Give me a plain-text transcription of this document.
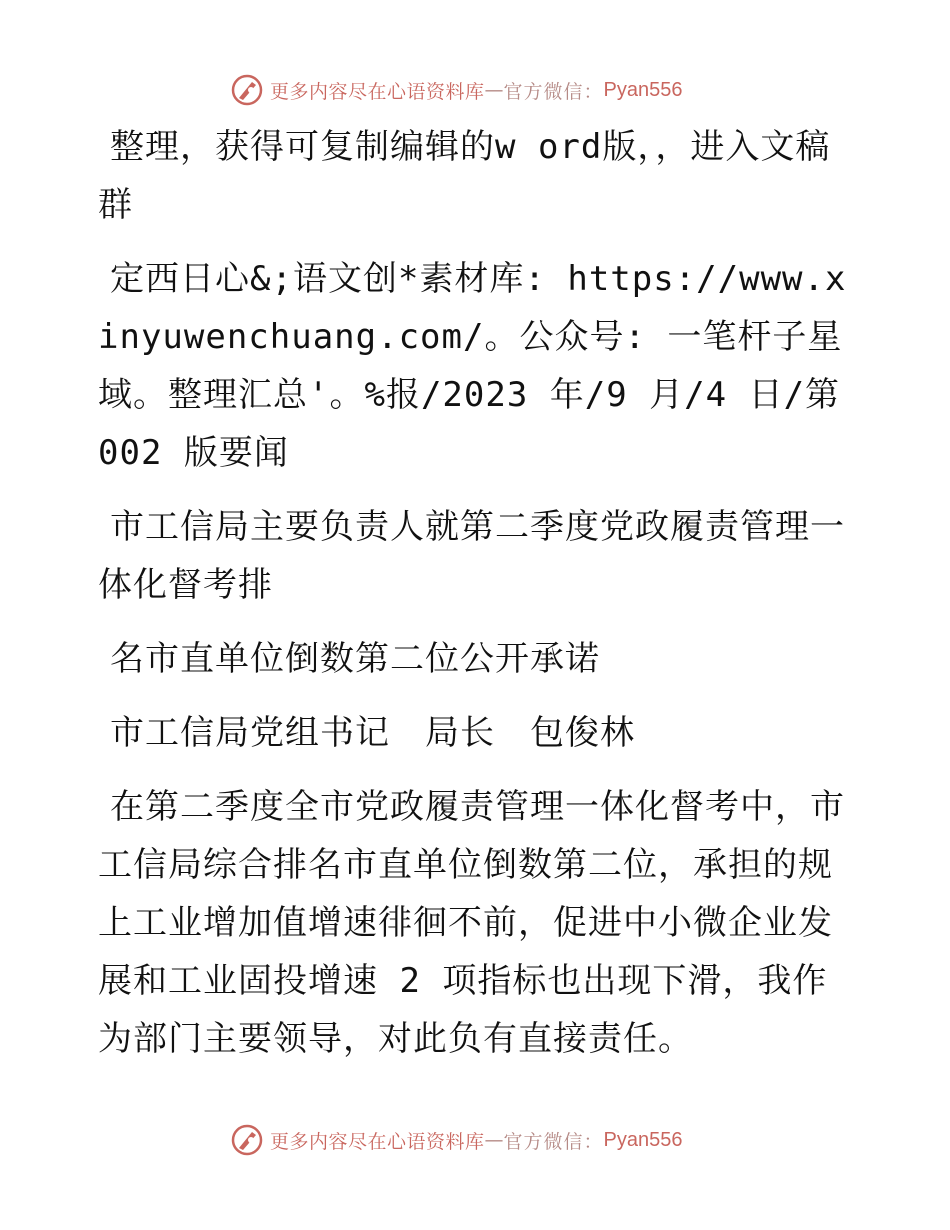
更多内容尽在心语资料库 — 官方微信： Pyan556

整理，获得可复制编辑的w ord版，，进入文稿群

定西日心&;语文创*素材库: https://www.xinyuwenchuang.com/。公众号: 一笔杆子星域。整理汇总'。%报/2023 年/9 月/4 日/第 002 版要闻

市工信局主要负责人就第二季度党政履责管理一体化督考排

名市直单位倒数第二位公开承诺

市工信局党组书记　局长　包俊林

在第二季度全市党政履责管理一体化督考中，市工信局综合排名市直单位倒数第二位，承担的规上工业增加值增速徘徊不前，促进中小微企业发展和工业固投增速 2 项指标也出现下滑，我作为部门主要领导，对此负有直接责任。

更多内容尽在心语资料库 — 官方微信： Pyan556
